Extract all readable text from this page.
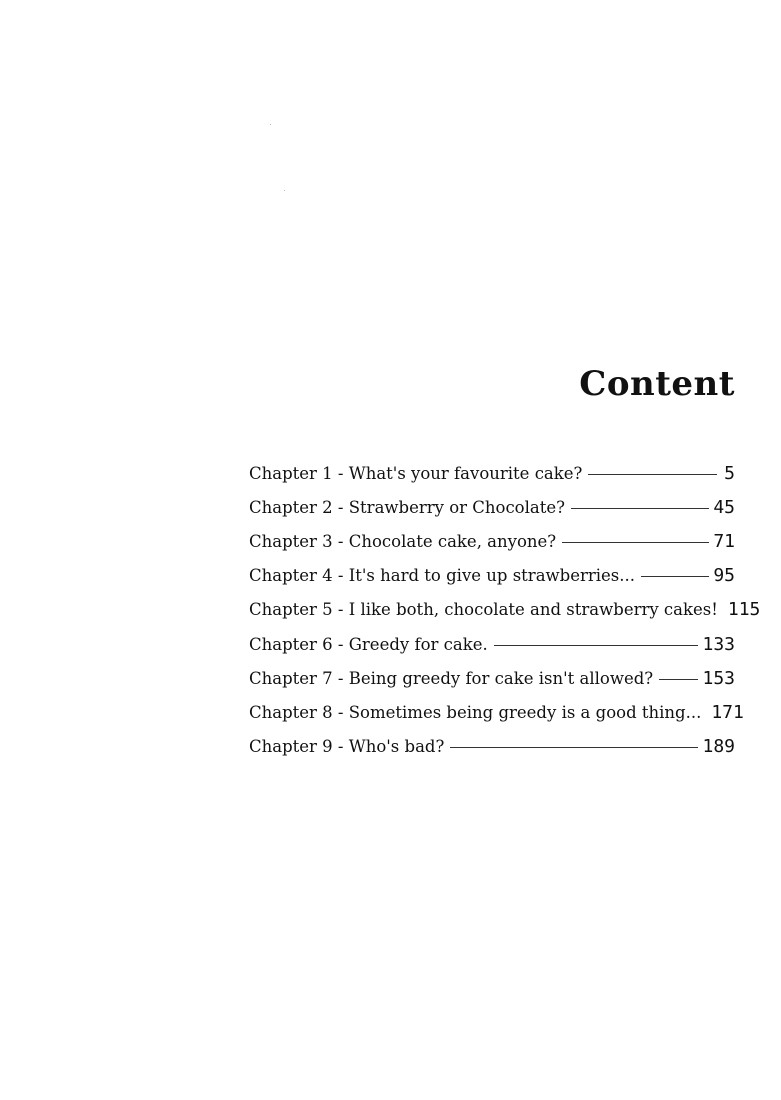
Content
Chapter 1 - What's your favourite cake?	5
Chapter 2 - Strawberry or Chocolate?	45
Chapter 3 - Chocolate cake, anyone?	71
Chapter 4 - It's hard to give up strawberries...	95
Chapter 5 - I like both, chocolate and strawberry cakes! 115
Chapter 6 - Greedy for cake.	133
Chapter 7 - Being greedy for cake isn't allowed?	153
Chapter 8 - Sometimes being greedy is a good thing... 171
Chapter 9 - Who's bad?	189
